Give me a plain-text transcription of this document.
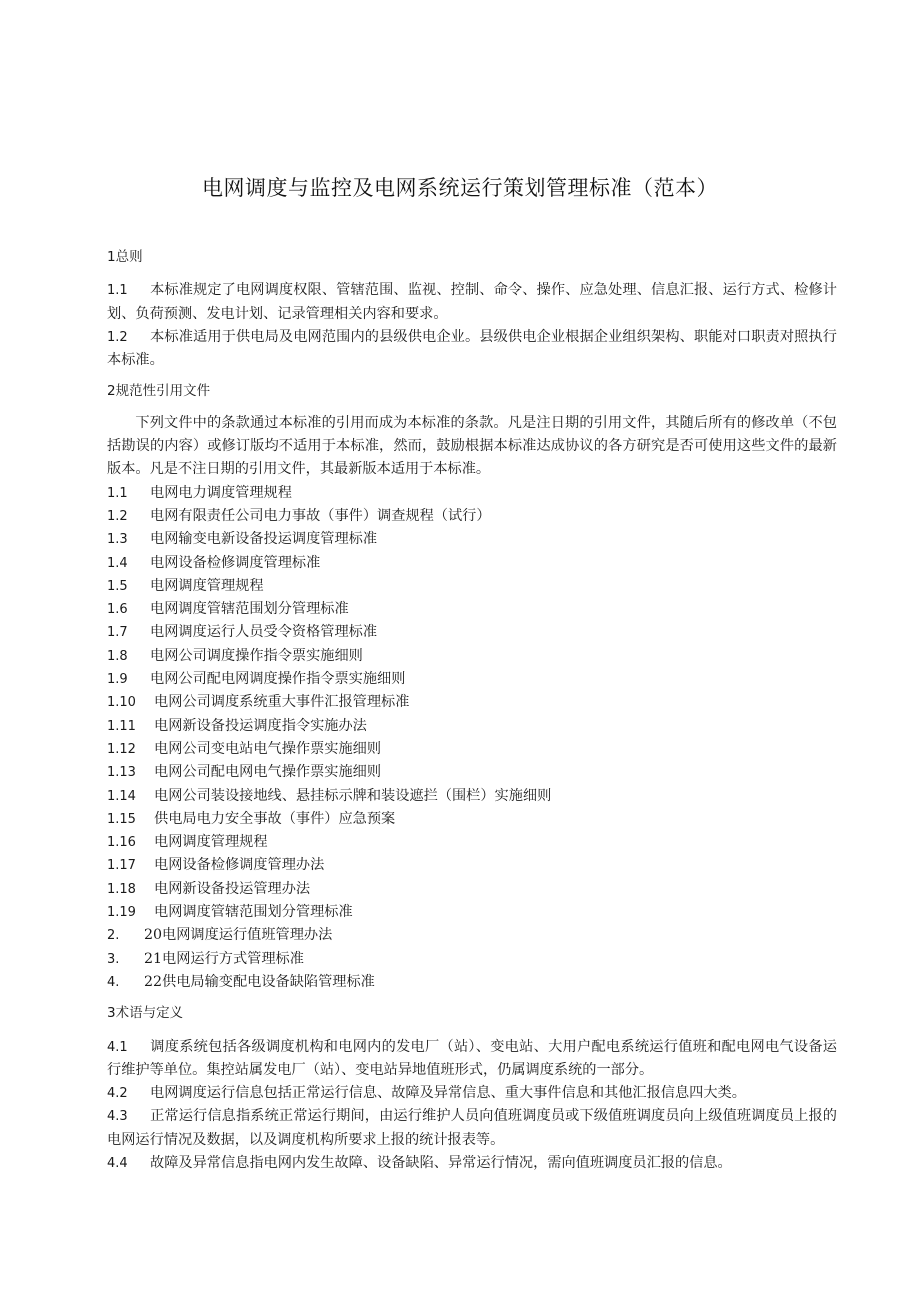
电网调度与监控及电网系统运行策划管理标准（范本）
1总则
1.1 本标准规定了电网调度权限、管辖范围、监视、控制、命令、操作、应急处理、信息汇报、运行方式、检修计划、负荷预测、发电计划、记录管理相关内容和要求。
1.2 本标准适用于供电局及电网范围内的县级供电企业。县级供电企业根据企业组织架构、职能对口职责对照执行本标准。
2规范性引用文件
下列文件中的条款通过本标准的引用而成为本标准的条款。凡是注日期的引用文件，其随后所有的修改单（不包括勘误的内容）或修订版均不适用于本标准，然而，鼓励根据本标准达成协议的各方研究是否可使用这些文件的最新版本。凡是不注日期的引用文件，其最新版本适用于本标准。
1.1 电网电力调度管理规程
1.2 电网有限责任公司电力事故（事件）调查规程（试行）
1.3 电网输变电新设备投运调度管理标准
1.4 电网设备检修调度管理标准
1.5 电网调度管理规程
1.6 电网调度管辖范围划分管理标准
1.7 电网调度运行人员受令资格管理标准
1.8 电网公司调度操作指令票实施细则
1.9 电网公司配电网调度操作指令票实施细则
1.10 电网公司调度系统重大事件汇报管理标准
1.11 电网新设备投运调度指令实施办法
1.12 电网公司变电站电气操作票实施细则
1.13 电网公司配电网电气操作票实施细则
1.14 电网公司装设接地线、悬挂标示牌和装设遮拦（围栏）实施细则
1.15 供电局电力安全事故（事件）应急预案
1.16 电网调度管理规程
1.17 电网设备检修调度管理办法
1.18 电网新设备投运管理办法
1.19 电网调度管辖范围划分管理标准
2. 20电网调度运行值班管理办法
3. 21电网运行方式管理标准
4. 22供电局输变配电设备缺陷管理标准
3术语与定义
4.1 调度系统包括各级调度机构和电网内的发电厂（站）、变电站、大用户配电系统运行值班和配电网电气设备运行维护等单位。集控站属发电厂（站）、变电站异地值班形式，仍属调度系统的一部分。
4.2 电网调度运行信息包括正常运行信息、故障及异常信息、重大事件信息和其他汇报信息四大类。
4.3 正常运行信息指系统正常运行期间，由运行维护人员向值班调度员或下级值班调度员向上级值班调度员上报的电网运行情况及数据，以及调度机构所要求上报的统计报表等。
4.4 故障及异常信息指电网内发生故障、设备缺陷、异常运行情况，需向值班调度员汇报的信息。
